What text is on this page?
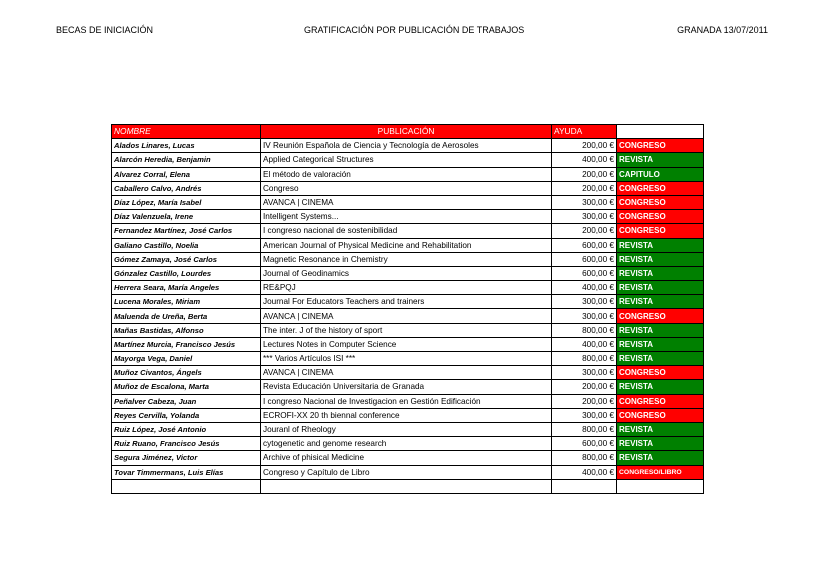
BECAS DE INICIACIÓN	GRATIFICACIÓN POR PUBLICACIÓN DE TRABAJOS	GRANADA 13/07/2011
NOMBRE	PUBLICACIÓN	AYUDA	
Alados Linares, Lucas	IV Reunión Española de Ciencia y Tecnología de Aerosoles	200,00 €	CONGRESO
Alarcón Heredia, Benjamin	Applied Categorical Structures	400,00 €	REVISTA
Alvarez Corral, Elena	El método de valoración	200,00 €	CAPITULO
Caballero Calvo, Andrés	Congreso	200,00 €	CONGRESO
Díaz López, María Isabel	AVANCA | CINEMA	300,00 €	CONGRESO
Díaz Valenzuela, Irene	Intelligent Systems...	300,00 €	CONGRESO
Fernandez Martínez, José Carlos	I congreso nacional de sostenibilidad	200,00 €	CONGRESO
Galiano Castillo, Noelia	American Journal of Physical Medicine and Rehabilitation	600,00 €	REVISTA
Gómez Zamaya, José Carlos	Magnetic Resonance in Chemistry	600,00 €	REVISTA
Gónzalez Castillo, Lourdes	Journal of Geodinamics	600,00 €	REVISTA
Herrera Seara, María Angeles	RE&PQJ	400,00 €	REVISTA
Lucena Morales, Miriam	Journal For Educators Teachers and trainers	300,00 €	REVISTA
Maluenda de Ureña, Berta	AVANCA | CINEMA	300,00 €	CONGRESO
Mañas Bastidas, Alfonso	The inter. J of the history of sport	800,00 €	REVISTA
Martínez Murcia, Francisco Jesús	Lectures Notes in Computer Science	400,00 €	REVISTA
Mayorga Vega, Daniel	*** Varios Artículos ISI ***	800,00 €	REVISTA
Muñoz Civantos, Ángels	AVANCA | CINEMA	300,00 €	CONGRESO
Muñoz de Escalona, Marta	Revista Educación Universitaria de Granada	200,00 €	REVISTA
Peñalver Cabeza, Juan	I congreso Nacional de Investigacion en Gestión Edificación	200,00 €	CONGRESO
Reyes Cervilla, Yolanda	ECROFI-XX 20 th biennal conference	300,00 €	CONGRESO
Ruiz López, José Antonio	Jouranl of Rheology	800,00 €	REVISTA
Ruiz Ruano, Francisco Jesús	cytogenetic and genome research	600,00 €	REVISTA
Segura Jiménez, Victor	Archive of phisical Medicine	800,00 €	REVISTA
Tovar Timmermans, Luis Elías	Congreso y Capítulo de Libro	400,00 €	CONGRESO/LIBRO
